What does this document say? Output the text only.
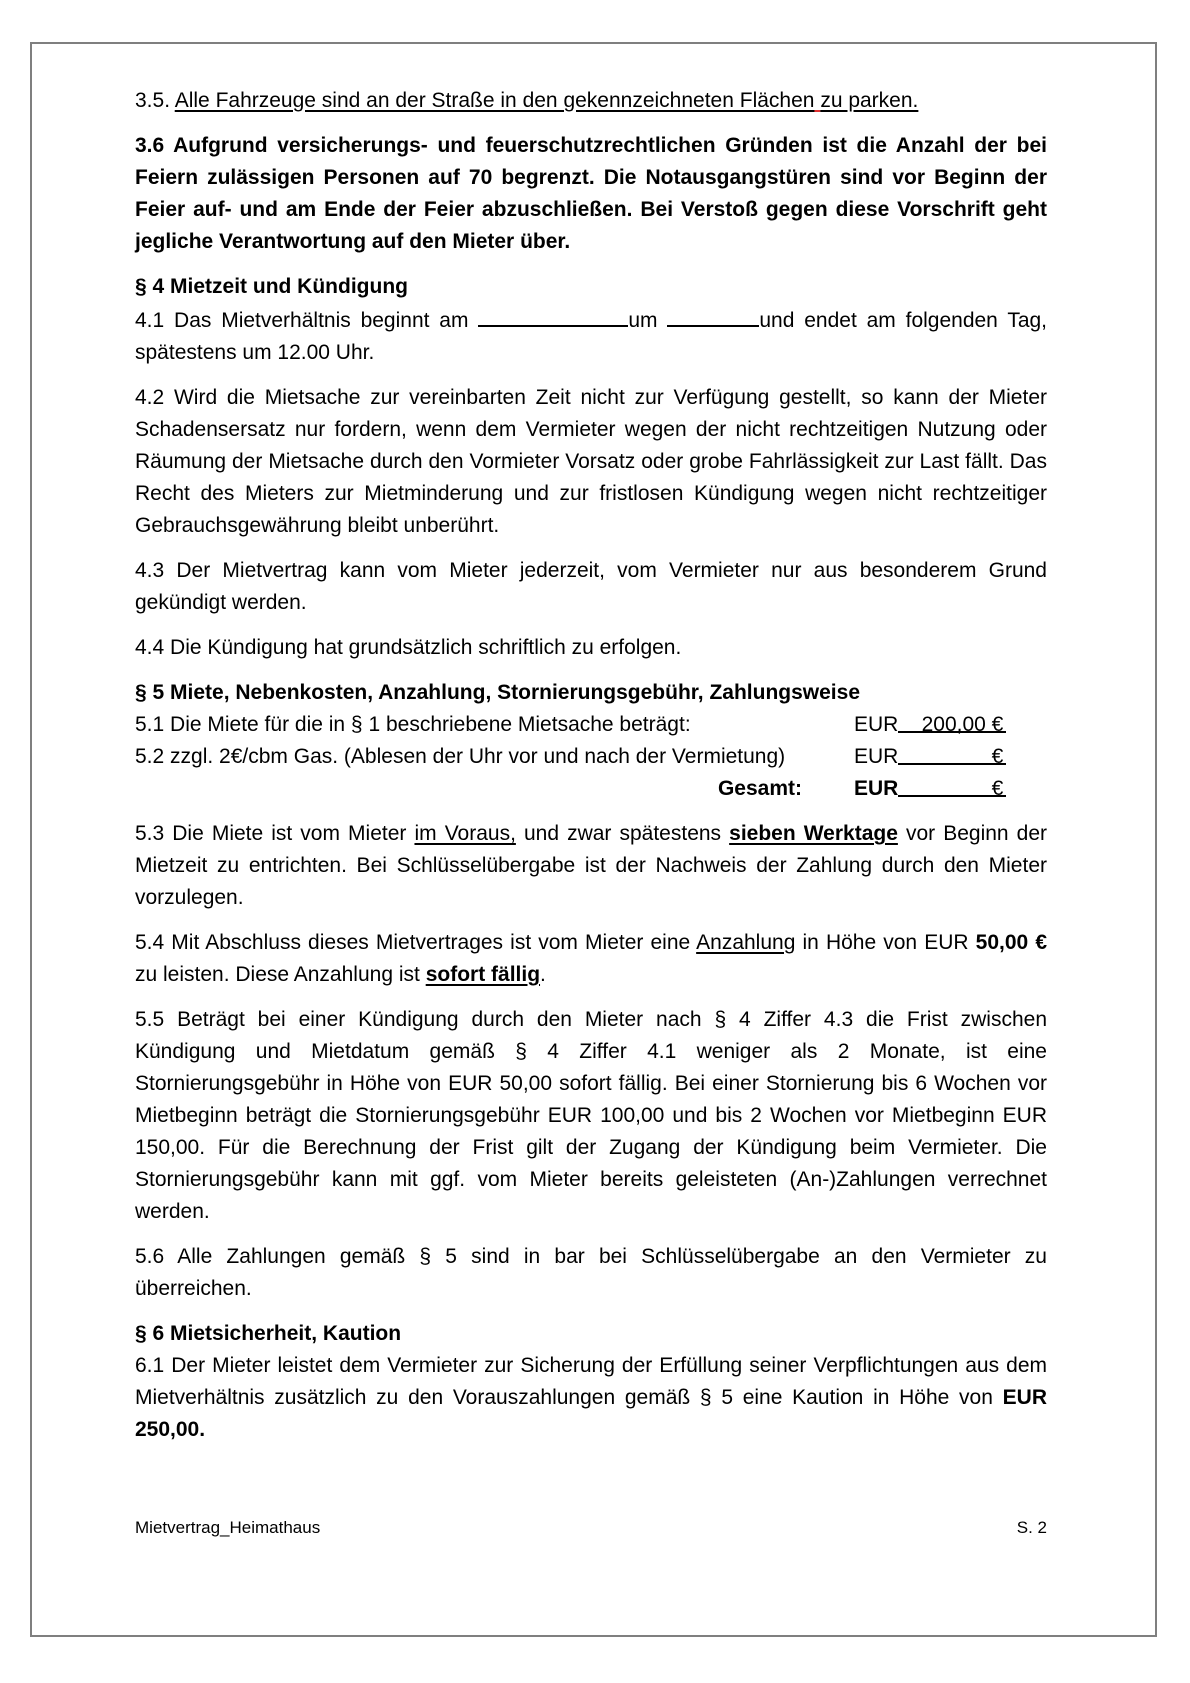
3.5. Alle Fahrzeuge sind an der Straße in den gekennzeichneten Flächen zu parken.

3.6 Aufgrund versicherungs- und feuerschutzrechtlichen Gründen ist die Anzahl der bei Feiern zulässigen Personen auf 70 begrenzt. Die Notausgangstüren sind vor Beginn der Feier auf- und am Ende der Feier abzuschließen. Bei Verstoß gegen diese Vorschrift geht jegliche Verantwortung auf den Mieter über.

§ 4 Mietzeit und Kündigung

4.1 Das Mietverhältnis beginnt am	um	und endet am folgenden Tag, spätestens um 12.00 Uhr.

4.2 Wird die Mietsache zur vereinbarten Zeit nicht zur Verfügung gestellt, so kann der Mieter Schadensersatz nur fordern, wenn dem Vermieter wegen der nicht rechtzeitigen Nutzung oder Räumung der Mietsache durch den Vormieter Vorsatz oder grobe Fahrlässigkeit zur Last fällt. Das Recht des Mieters zur Mietminderung und zur fristlosen Kündigung wegen nicht rechtzeitiger Gebrauchsgewährung bleibt unberührt.

4.3 Der Mietvertrag kann vom Mieter jederzeit, vom Vermieter nur aus besonderem Grund gekündigt werden.

4.4 Die Kündigung hat grundsätzlich schriftlich zu erfolgen.

§ 5 Miete, Nebenkosten, Anzahlung, Stornierungsgebühr, Zahlungsweise

5.1 Die Miete für die in § 1 beschriebene Mietsache beträgt:	EUR 200,00 €
5.2 zzgl. 2€/cbm Gas. (Ablesen der Uhr vor und nach der Vermietung)	EUR	€
Gesamt: EUR	€

5.3 Die Miete ist vom Mieter im Voraus, und zwar spätestens sieben Werktage vor Beginn der Mietzeit zu entrichten. Bei Schlüsselübergabe ist der Nachweis der Zahlung durch den Mieter vorzulegen.

5.4 Mit Abschluss dieses Mietvertrages ist vom Mieter eine Anzahlung in Höhe von EUR 50,00 € zu leisten. Diese Anzahlung ist sofort fällig.

5.5 Beträgt bei einer Kündigung durch den Mieter nach § 4 Ziffer 4.3 die Frist zwischen Kündigung und Mietdatum gemäß § 4 Ziffer 4.1 weniger als 2 Monate, ist eine Stornierungsgebühr in Höhe von EUR 50,00 sofort fällig. Bei einer Stornierung bis 6 Wochen vor Mietbeginn beträgt die Stornierungsgebühr EUR 100,00 und bis 2 Wochen vor Mietbeginn EUR 150,00. Für die Berechnung der Frist gilt der Zugang der Kündigung beim Vermieter. Die Stornierungsgebühr kann mit ggf. vom Mieter bereits geleisteten (An-)Zahlungen verrechnet werden.

5.6 Alle Zahlungen gemäß § 5 sind in bar bei Schlüsselübergabe an den Vermieter zu überreichen.

§ 6 Mietsicherheit, Kaution

6.1 Der Mieter leistet dem Vermieter zur Sicherung der Erfüllung seiner Verpflichtungen aus dem Mietverhältnis zusätzlich zu den Vorauszahlungen gemäß § 5 eine Kaution in Höhe von EUR 250,00.

Mietvertrag_Heimathaus	S. 2
